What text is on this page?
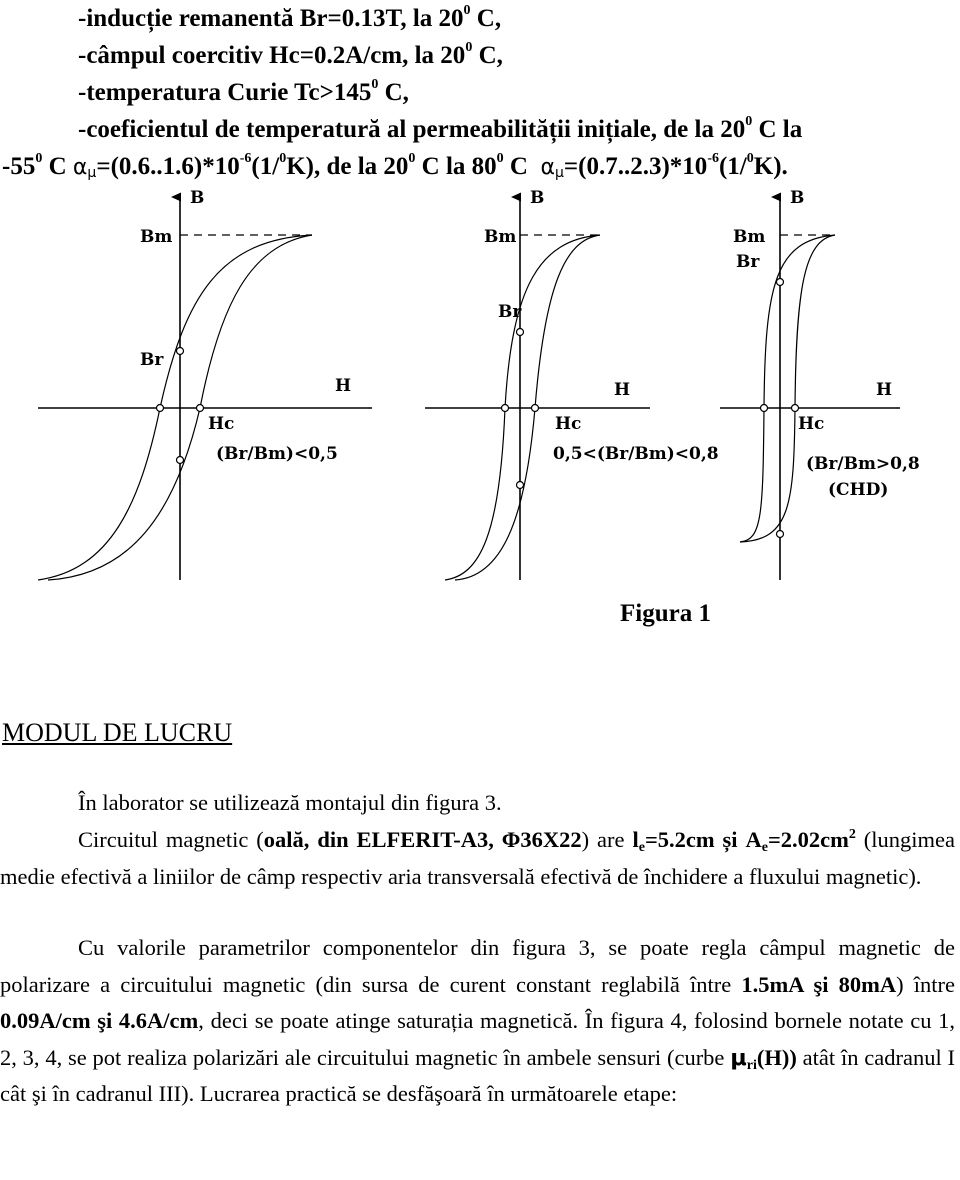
-inducție remanentă Br=0.13T, la $20^0$ C,
-câmpul coercitiv Hc=0.2A/cm, la $20^0$ C,
-temperatura Curie $Tc>145^0$ C,
-coeficientul de temperatură al permeabilității inițiale, de la $20^0$ C la
$-55^0$ C $\alpha\mu=(0.6..1.6)*10^{-6}(1/^0K)$, de la $20^0$ C la $80^0$ C $\alpha\mu=(0.7..2.3)*10^{-6}(1/^0K)$.
B
Bm
Br
H
Hc
(Br/Bm)<0,5
B
Bm
Br
H
Hc
0,5<(Br/Bm)<0,8
B
Bm
Br
H
Hc
(Br/Bm>0,8
(CHD)
Figura 1
MODUL DE LUCRU
În laborator se utilizează montajul din figura 3.
Circuitul magnetic (oală, din ELFERIT-A3, Φ36X22) are $l_e=5.2cm$ și $A_e=2.02cm^2$ (lungimea medie efectivă a liniilor de câmp respectiv aria transversală efectivă de închidere a fluxului magnetic).
Cu valorile parametrilor componentelor din figura 3, se poate regla câmpul magnetic de polarizare a circuitului magnetic (din sursa de curent constant reglabilă între 1.5mA şi 80mA) între 0.09A/cm şi 4.6A/cm, deci se poate atinge saturația magnetică. În figura 4, folosind bornele notate cu 1, 2, 3, 4, se pot realiza polarizări ale circuitului magnetic în ambele sensuri (curbe $\mu_{ri}(H)$) atât în cadranul I cât şi în cadranul III). Lucrarea practică se desfăşoară în următoarele etape:
